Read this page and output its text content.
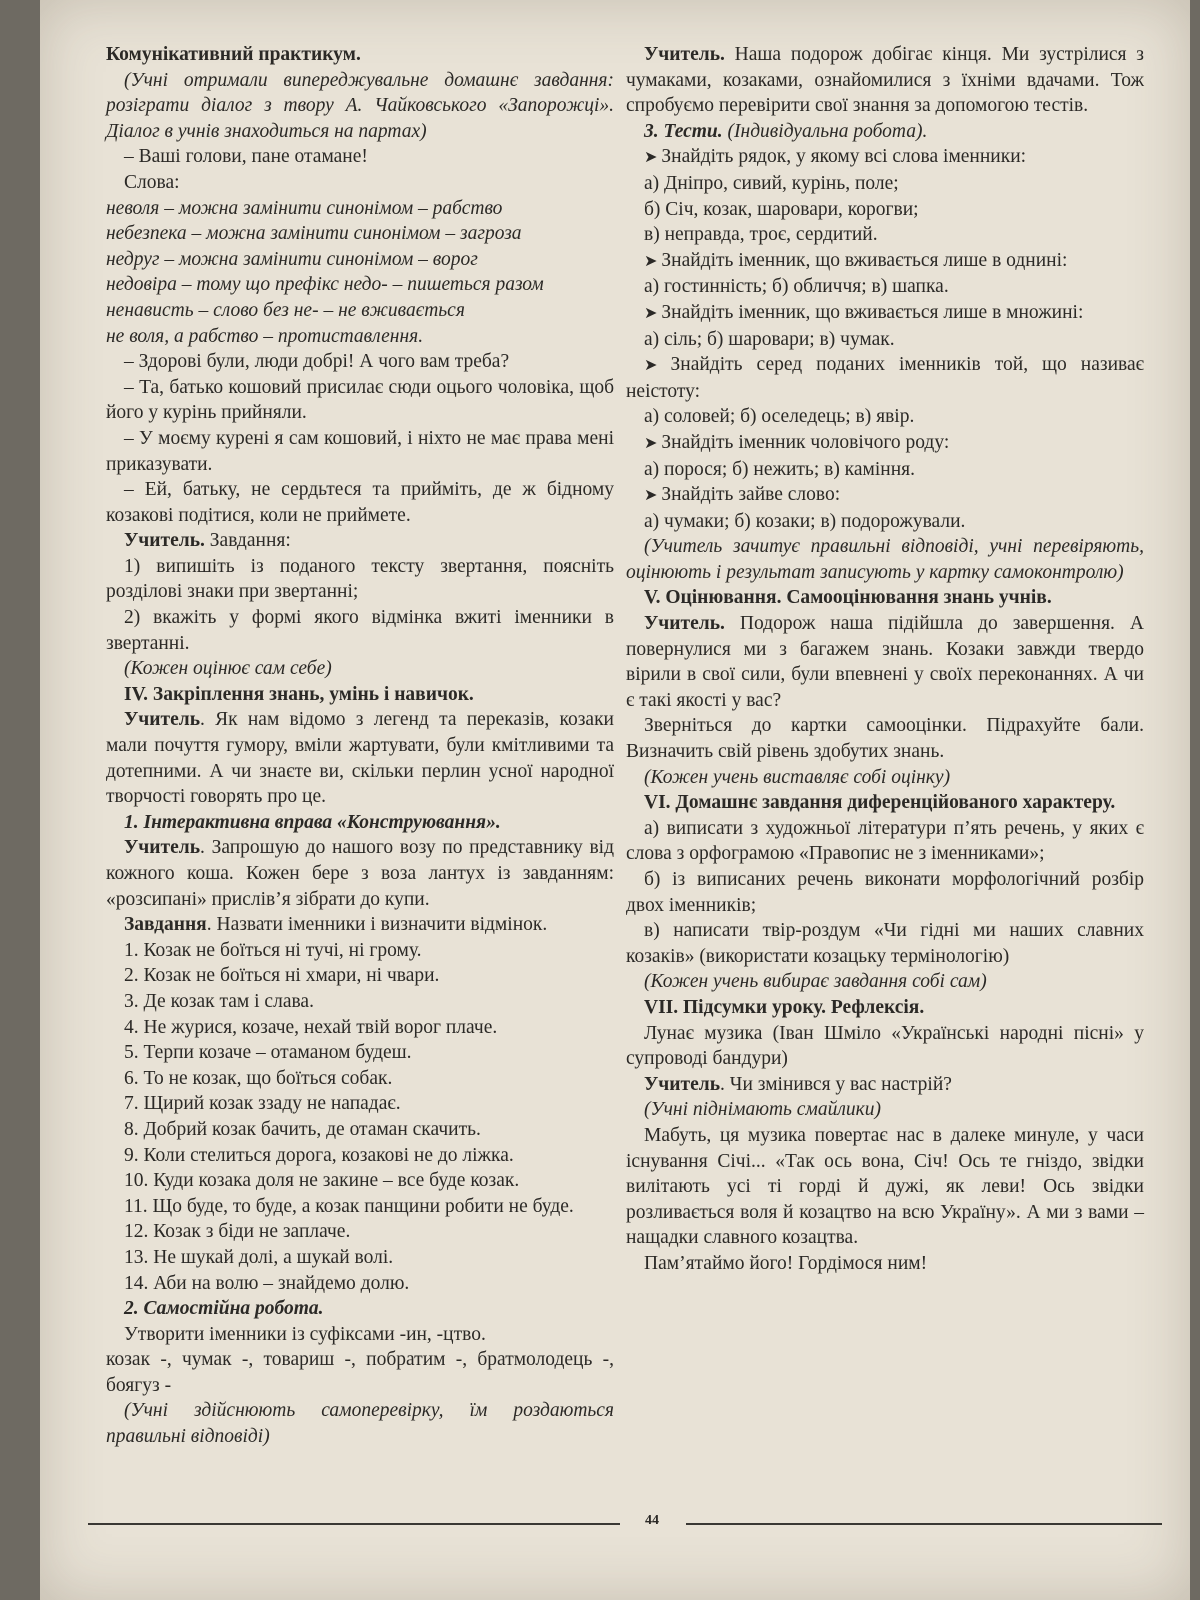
Комунікативний практикум.

(Учні отримали випереджувальне домашнє завдання: розіграти діалог з твору А. Чайковського «Запорожці». Діалог в учнів знаходиться на партах)

– Ваші голови, пане отамане!

Слова:

неволя – можна замінити синонімом – рабство

небезпека – можна замінити синонімом – загроза

недруг – можна замінити синонімом – ворог

недовіра – тому що префікс недо- – пишеться разом

ненависть – слово без не- – не вживається

не воля, а рабство – протиставлення.

– Здорові були, люди добрі! А чого вам треба?

– Та, батько кошовий присилає сюди оцього чоловіка, щоб його у курінь прийняли.

– У моєму курені я сам кошовий, і ніхто не має права мені приказувати.

– Ей, батьку, не сердьтеся та прийміть, де ж бідному козакові подітися, коли не приймете.

Учитель. Завдання:

1) випишіть із поданого тексту звертання, поясніть розділові знаки при звертанні;

2) вкажіть у формі якого відмінка вжиті іменники в звертанні.

(Кожен оцінює сам себе)

IV. Закріплення знань, умінь і навичок.

Учитель. Як нам відомо з легенд та переказів, козаки мали почуття гумору, вміли жартувати, були кмітливими та дотепними. А чи знаєте ви, скільки перлин усної народної творчості говорять про це.

1. Інтерактивна вправа «Конструювання».

Учитель. Запрошую до нашого возу по представнику від кожного коша. Кожен бере з воза лантух із завданням: «розсипані» прислів’я зібрати до купи.

Завдання. Назвати іменники і визначити відмінок.

1. Козак не боїться ні тучі, ні грому.

2. Козак не боїться ні хмари, ні чвари.

3. Де козак там і слава.

4. Не журися, козаче, нехай твій ворог плаче.

5. Терпи козаче – отаманом будеш.

6. То не козак, що боїться собак.

7. Щирий козак ззаду не нападає.

8. Добрий козак бачить, де отаман скачить.

9. Коли стелиться дорога, козакові не до ліжка.

10. Куди козака доля не закине – все буде козак.

11. Що буде, то буде, а козак панщини робити не буде.

12. Козак з біди не заплаче.

13. Не шукай долі, а шукай волі.

14. Аби на волю – знайдемо долю.

2. Самостійна робота.

Утворити іменники із суфіксами -ин, -цтво.

козак -, чумак -, товариш -, побратим -, братмолодець -, боягуз -

(Учні здійснюють самоперевірку, їм роздаються правильні відповіді)

Учитель. Наша подорож добігає кінця. Ми зустрілися з чумаками, козаками, ознайомилися з їхніми вдачами. Тож спробуємо перевірити свої знання за допомогою тестів.

3. Тести. (Індивідуальна робота).

➤ Знайдіть рядок, у якому всі слова іменники:

а) Дніпро, сивий, курінь, поле;

б) Січ, козак, шаровари, корогви;

в) неправда, троє, сердитий.

➤ Знайдіть іменник, що вживається лише в однині:

а) гостинність; б) обличчя; в) шапка.

➤ Знайдіть іменник, що вживається лише в множині:

а) сіль; б) шаровари; в) чумак.

➤ Знайдіть серед поданих іменників той, що називає неістоту:

а) соловей; б) оселедець; в) явір.

➤ Знайдіть іменник чоловічого роду:

а) порося; б) нежить; в) каміння.

➤ Знайдіть зайве слово:

а) чумаки; б) козаки; в) подорожували.

(Учитель зачитує правильні відповіді, учні перевіряють, оцінюють і результат записують у картку самоконтролю)

V. Оцінювання. Самооцінювання знань учнів.

Учитель. Подорож наша підійшла до завершення. А повернулися ми з багажем знань. Козаки завжди твердо вірили в свої сили, були впевнені у своїх переконаннях. А чи є такі якості у вас?

Зверніться до картки самооцінки. Підрахуйте бали. Визначить свій рівень здобутих знань.

(Кожен учень виставляє собі оцінку)

VI. Домашнє завдання диференційованого характеру.

а) виписати з художньої літератури п’ять речень, у яких є слова з орфограмою «Правопис не з іменниками»;

б) із виписаних речень виконати морфологічний розбір двох іменників;

в) написати твір-роздум «Чи гідні ми наших славних козаків» (використати козацьку термінологію)

(Кожен учень вибирає завдання собі сам)

VII. Підсумки уроку. Рефлексія.

Лунає музика (Іван Шміло «Українські народні пісні» у супроводі бандури)

Учитель. Чи змінився у вас настрій?

(Учні піднімають смайлики)

Мабуть, ця музика повертає нас в далеке минуле, у часи існування Січі... «Так ось вона, Січ! Ось те гніздо, звідки вилітають усі ті горді й дужі, як леви! Ось звідки розливається воля й козацтво на всю Україну». А ми з вами – нащадки славного козацтва.

Пам’ятаймо його! Гордімося ним!

44
